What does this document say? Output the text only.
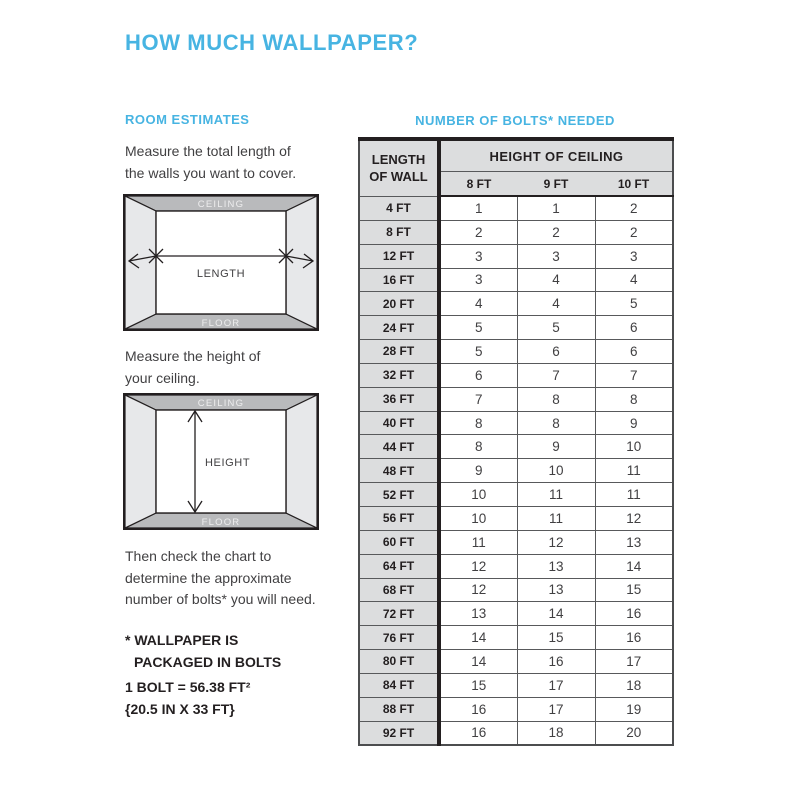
HOW MUCH WALLPAPER?
ROOM ESTIMATES
Measure the total length of
the walls you want to cover.
CEILING
FLOOR
LENGTH
Measure the height of
your ceiling.
CEILING
FLOOR
HEIGHT
Then check the chart to
determine the approximate
number of bolts* you will need.
* WALLPAPER IS
PACKAGED IN BOLTS
1 BOLT = 56.38 FT²
{20.5 IN X 33 FT}
NUMBER OF BOLTS* NEEDED
LENGTH OF WALL	HEIGHT OF CEILING		
	8 FT	9 FT	10 FT
4 FT	1	1	2
8 FT	2	2	2
12 FT	3	3	3
16 FT	3	4	4
20 FT	4	4	5
24 FT	5	5	6
28 FT	5	6	6
32 FT	6	7	7
36 FT	7	8	8
40 FT	8	8	9
44 FT	8	9	10
48 FT	9	10	11
52 FT	10	11	11
56 FT	10	11	12
60 FT	11	12	13
64 FT	12	13	14
68 FT	12	13	15
72 FT	13	14	16
76 FT	14	15	16
80 FT	14	16	17
84 FT	15	17	18
88 FT	16	17	19
92 FT	16	18	20
